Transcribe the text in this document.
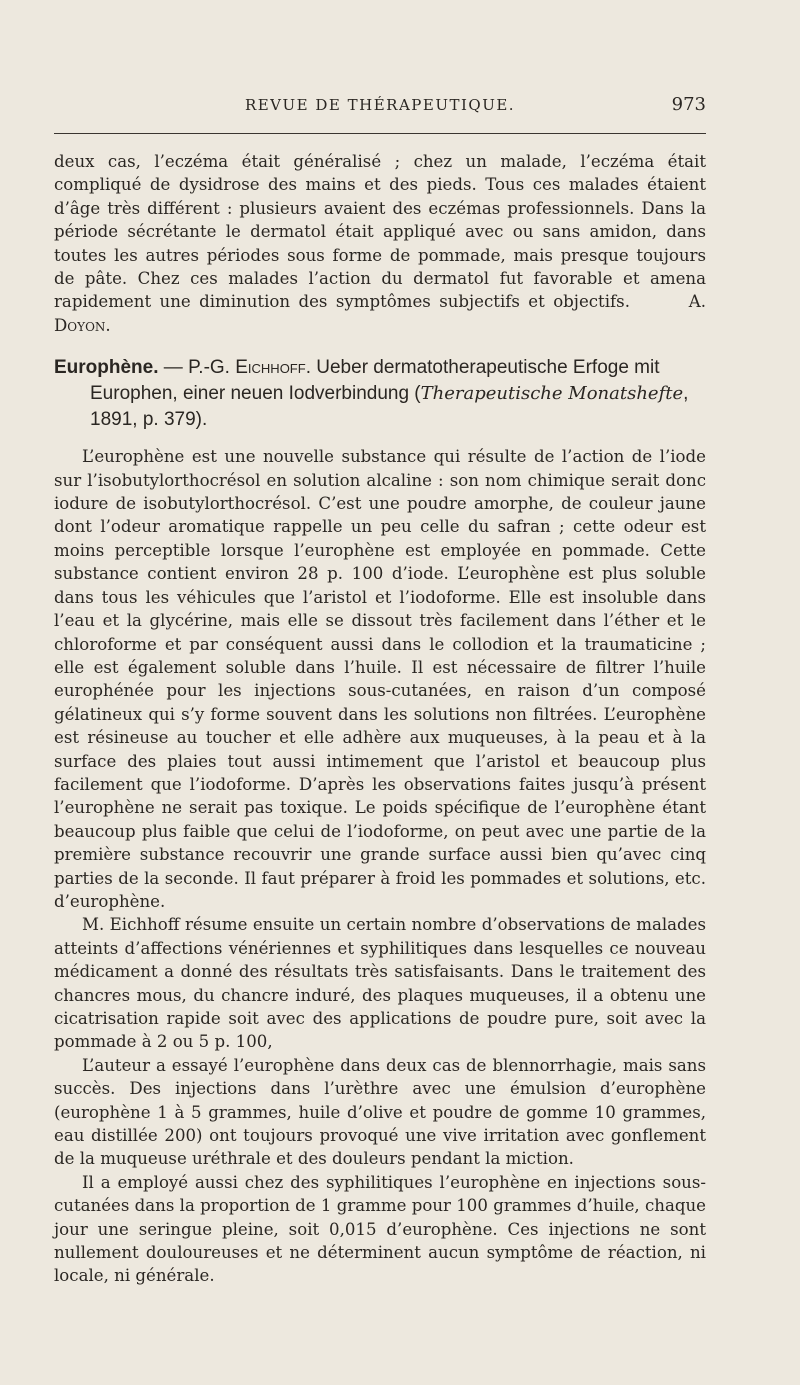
REVUE DE THÉRAPEUTIQUE.	973

deux cas, l’eczéma était généralisé ; chez un malade, l’eczéma était compliqué de dysidrose des mains et des pieds. Tous ces malades étaient d’âge très différent : plusieurs avaient des eczémas professionnels. Dans la période sécrétante le dermatol était appliqué avec ou sans amidon, dans toutes les autres périodes sous forme de pommade, mais presque toujours de pâte. Chez ces malades l’action du dermatol fut favorable et amena rapidement une diminution des symptômes subjectifs et objectifs.	A. Doyon.

Europhène. — P.-G. Eichhoff. Ueber dermatotherapeutische Erfoge mit Europhen, einer neuen Iodverbindung (Therapeutische Monatshefte, 1891, p. 379).

L’europhène est une nouvelle substance qui résulte de l’action de l’iode sur l’isobutylorthocrésol en solution alcaline : son nom chimique serait donc iodure de isobutylorthocrésol. C’est une poudre amorphe, de couleur jaune dont l’odeur aromatique rappelle un peu celle du safran ; cette odeur est moins perceptible lorsque l’europhène est employée en pommade. Cette substance contient environ 28 p. 100 d’iode. L’europhène est plus soluble dans tous les véhicules que l’aristol et l’iodoforme. Elle est insoluble dans l’eau et la glycérine, mais elle se dissout très facilement dans l’éther et le chloroforme et par conséquent aussi dans le collodion et la traumaticine ; elle est également soluble dans l’huile. Il est nécessaire de filtrer l’huile europhénée pour les injections sous-cutanées, en raison d’un composé gélatineux qui s’y forme souvent dans les solutions non filtrées. L’europhène est résineuse au toucher et elle adhère aux muqueuses, à la peau et à la surface des plaies tout aussi intimement que l’aristol et beaucoup plus facilement que l’iodoforme. D’après les observations faites jusqu’à présent l’europhène ne serait pas toxique. Le poids spécifique de l’europhène étant beaucoup plus faible que celui de l’iodoforme, on peut avec une partie de la première substance recouvrir une grande surface aussi bien qu’avec cinq parties de la seconde. Il faut préparer à froid les pommades et solutions, etc. d’europhène.

M. Eichhoff résume ensuite un certain nombre d’observations de malades atteints d’affections vénériennes et syphilitiques dans lesquelles ce nouveau médicament a donné des résultats très satisfaisants. Dans le traitement des chancres mous, du chancre induré, des plaques muqueuses, il a obtenu une cicatrisation rapide soit avec des applications de poudre pure, soit avec la pommade à 2 ou 5 p. 100,

L’auteur a essayé l’europhène dans deux cas de blennorrhagie, mais sans succès. Des injections dans l’urèthre avec une émulsion d’europhène (europhène 1 à 5 grammes, huile d’olive et poudre de gomme 10 grammes, eau distillée 200) ont toujours provoqué une vive irritation avec gonflement de la muqueuse uréthrale et des douleurs pendant la miction.

Il a employé aussi chez des syphilitiques l’europhène en injections sous-cutanées dans la proportion de 1 gramme pour 100 grammes d’huile, chaque jour une seringue pleine, soit 0,015 d’europhène. Ces injections ne sont nullement douloureuses et ne déterminent aucun symptôme de réaction, ni locale, ni générale.
